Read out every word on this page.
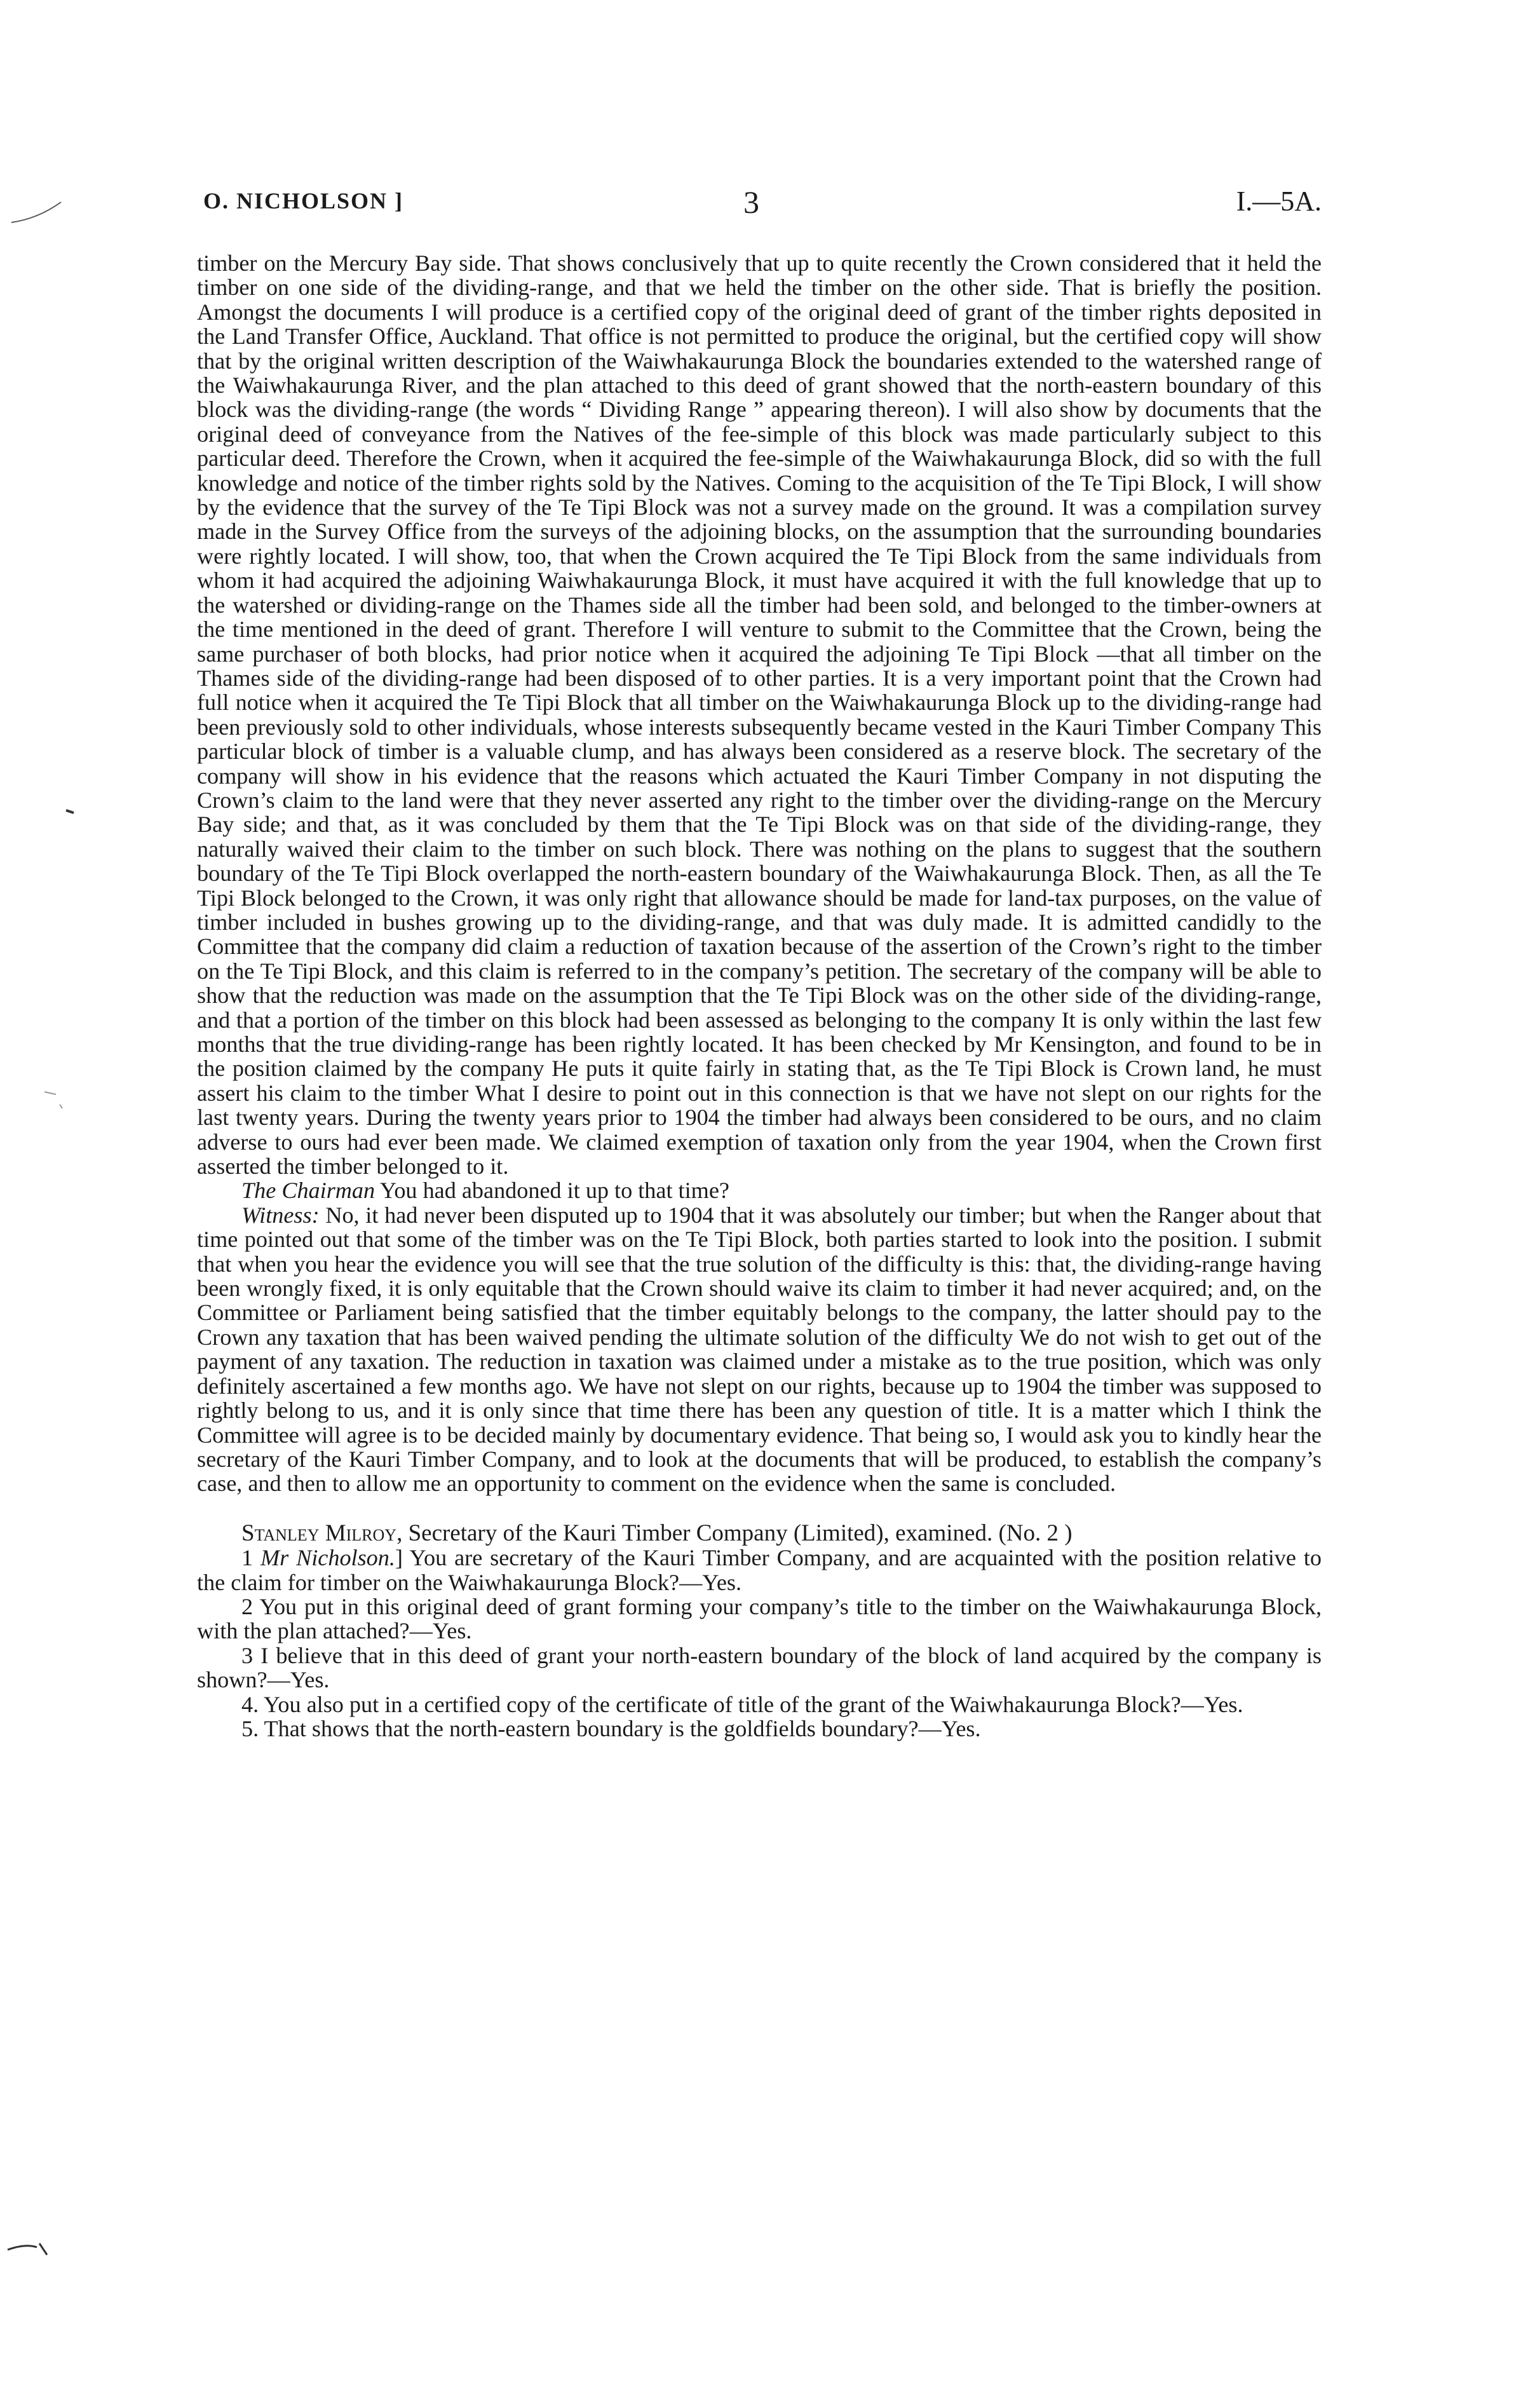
O. NICHOLSON ]	3	I.—5A.

timber on the Mercury Bay side. That shows conclusively that up to quite recently the Crown considered that it held the timber on one side of the dividing-range, and that we held the timber on the other side. That is briefly the position. Amongst the documents I will produce is a certified copy of the original deed of grant of the timber rights deposited in the Land Transfer Office, Auckland. That office is not permitted to produce the original, but the certified copy will show that by the original written description of the Waiwhakaurunga Block the boundaries extended to the watershed range of the Waiwhakaurunga River, and the plan attached to this deed of grant showed that the north-eastern boundary of this block was the dividing-range (the words “ Dividing Range ” appearing thereon). I will also show by documents that the original deed of conveyance from the Natives of the fee-simple of this block was made particularly subject to this particular deed. Therefore the Crown, when it acquired the fee-simple of the Waiwhakaurunga Block, did so with the full knowledge and notice of the timber rights sold by the Natives. Coming to the acquisition of the Te Tipi Block, I will show by the evidence that the survey of the Te Tipi Block was not a survey made on the ground. It was a compilation survey made in the Survey Office from the surveys of the adjoining blocks, on the assumption that the surrounding boundaries were rightly located. I will show, too, that when the Crown acquired the Te Tipi Block from the same individuals from whom it had acquired the adjoining Waiwhakaurunga Block, it must have acquired it with the full knowledge that up to the watershed or dividing-range on the Thames side all the timber had been sold, and belonged to the timber-owners at the time mentioned in the deed of grant. Therefore I will venture to submit to the Committee that the Crown, being the same purchaser of both blocks, had prior notice when it acquired the adjoining Te Tipi Block —that all timber on the Thames side of the dividing-range had been disposed of to other parties. It is a very important point that the Crown had full notice when it acquired the Te Tipi Block that all timber on the Waiwhakaurunga Block up to the dividing-range had been previously sold to other individuals, whose interests subsequently became vested in the Kauri Timber Company This particular block of timber is a valuable clump, and has always been considered as a reserve block. The secretary of the company will show in his evidence that the reasons which actuated the Kauri Timber Company in not disputing the Crown’s claim to the land were that they never asserted any right to the timber over the dividing-range on the Mercury Bay side; and that, as it was concluded by them that the Te Tipi Block was on that side of the dividing-range, they naturally waived their claim to the timber on such block. There was nothing on the plans to suggest that the southern boundary of the Te Tipi Block overlapped the north-eastern boundary of the Waiwhakaurunga Block. Then, as all the Te Tipi Block belonged to the Crown, it was only right that allowance should be made for land-tax purposes, on the value of timber included in bushes growing up to the dividing-range, and that was duly made. It is admitted candidly to the Committee that the company did claim a reduction of taxation because of the assertion of the Crown’s right to the timber on the Te Tipi Block, and this claim is referred to in the company’s petition. The secretary of the company will be able to show that the reduction was made on the assumption that the Te Tipi Block was on the other side of the dividing-range, and that a portion of the timber on this block had been assessed as belonging to the company It is only within the last few months that the true dividing-range has been rightly located. It has been checked by Mr Kensington, and found to be in the position claimed by the company He puts it quite fairly in stating that, as the Te Tipi Block is Crown land, he must assert his claim to the timber What I desire to point out in this connection is that we have not slept on our rights for the last twenty years. During the twenty years prior to 1904 the timber had always been considered to be ours, and no claim adverse to ours had ever been made. We claimed exemption of taxation only from the year 1904, when the Crown first asserted the timber belonged to it.

The Chairman You had abandoned it up to that time?

Witness: No, it had never been disputed up to 1904 that it was absolutely our timber; but when the Ranger about that time pointed out that some of the timber was on the Te Tipi Block, both parties started to look into the position. I submit that when you hear the evidence you will see that the true solution of the difficulty is this: that, the dividing-range having been wrongly fixed, it is only equitable that the Crown should waive its claim to timber it had never acquired; and, on the Committee or Parliament being satisfied that the timber equitably belongs to the company, the latter should pay to the Crown any taxation that has been waived pending the ultimate solution of the difficulty We do not wish to get out of the payment of any taxation. The reduction in taxation was claimed under a mistake as to the true position, which was only definitely ascertained a few months ago. We have not slept on our rights, because up to 1904 the timber was supposed to rightly belong to us, and it is only since that time there has been any question of title. It is a matter which I think the Committee will agree is to be decided mainly by documentary evidence. That being so, I would ask you to kindly hear the secretary of the Kauri Timber Company, and to look at the documents that will be produced, to establish the company’s case, and then to allow me an opportunity to comment on the evidence when the same is concluded.

Stanley Milroy, Secretary of the Kauri Timber Company (Limited), examined. (No. 2 )

1 Mr Nicholson.] You are secretary of the Kauri Timber Company, and are acquainted with the position relative to the claim for timber on the Waiwhakaurunga Block?—Yes.

2 You put in this original deed of grant forming your company’s title to the timber on the Waiwhakaurunga Block, with the plan attached?—Yes.

3 I believe that in this deed of grant your north-eastern boundary of the block of land acquired by the company is shown?—Yes.

4. You also put in a certified copy of the certificate of title of the grant of the Waiwhakaurunga Block?—Yes.

5. That shows that the north-eastern boundary is the goldfields boundary?—Yes.
